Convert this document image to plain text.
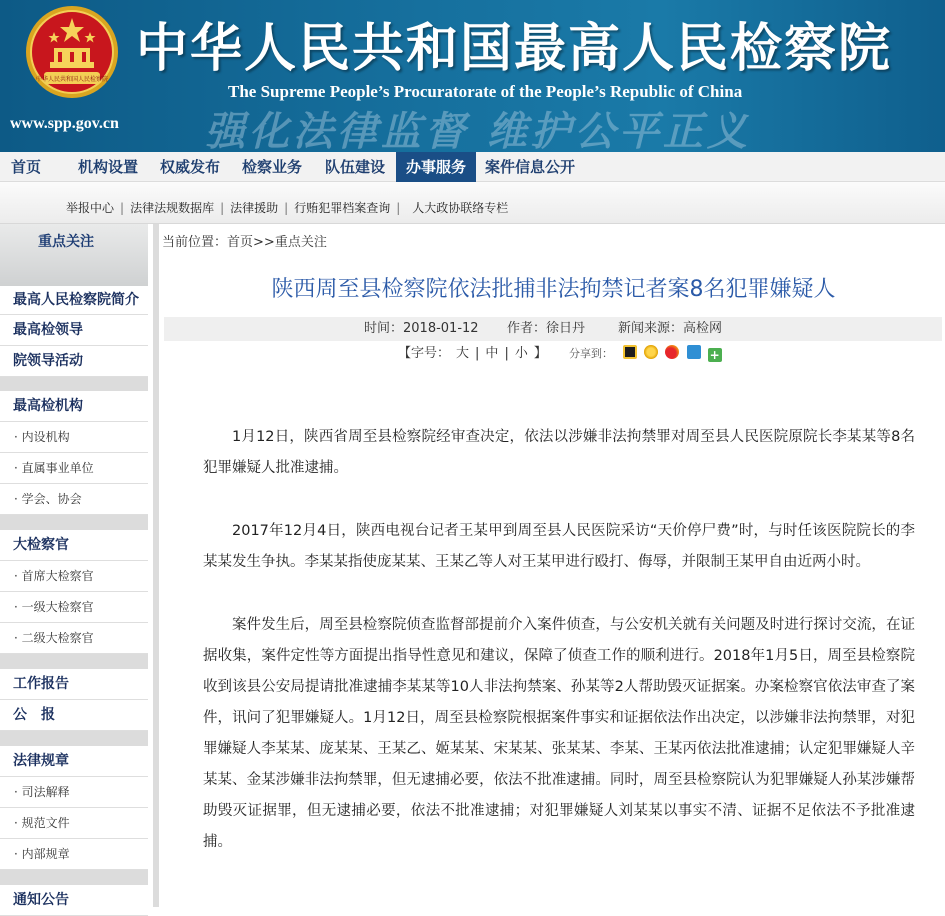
中华人民共和国人民检察院
强化法律监督 维护公平正义
中华人民共和国最高人民检察院
The Supreme People’s Procuratorate of the People’s Republic of China
www.spp.gov.cn
首页	机构设置	权威发布	检察业务	队伍建设	办事服务	案件信息公开
举报中心 | 法律法规数据库 | 法律援助 | 行贿犯罪档案查询 | 人大政协联络专栏
重点关注
最高人民检察院简介
最高检领导
院领导活动
最高检机构
· 内设机构
· 直属事业单位
· 学会、协会
大检察官
· 首席大检察官
· 一级大检察官
· 二级大检察官
工作报告
公　报
法律规章
· 司法解释
· 规范文件
· 内部规章
通知公告
当前位置：首页>>重点关注
陕西周至县检察院依法批捕非法拘禁记者案8名犯罪嫌疑人
时间：2018-01-12 作者：徐日丹	新闻来源：高检网
【字号： 大 | 中 | 小 】 分享到：	+

1月12日，陕西省周至县检察院经审查决定，依法以涉嫌非法拘禁罪对周至县人民医院原院长李某某等8名犯罪嫌疑人批准逮捕。

2017年12月4日，陕西电视台记者王某甲到周至县人民医院采访“天价停尸费”时，与时任该医院院长的李某某发生争执。李某某指使庞某某、王某乙等人对王某甲进行殴打、侮辱，并限制王某甲自由近两小时。

案件发生后，周至县检察院侦查监督部提前介入案件侦查，与公安机关就有关问题及时进行探讨交流，在证据收集，案件定性等方面提出指导性意见和建议，保障了侦查工作的顺利进行。2018年1月5日，周至县检察院收到该县公安局提请批准逮捕李某某等10人非法拘禁案、孙某等2人帮助毁灭证据案。办案检察官依法审查了案件，讯问了犯罪嫌疑人。1月12日，周至县检察院根据案件事实和证据依法作出决定，以涉嫌非法拘禁罪，对犯罪嫌疑人李某某、庞某某、王某乙、姬某某、宋某某、张某某、李某、王某丙依法批准逮捕；认定犯罪嫌疑人辛某某、金某涉嫌非法拘禁罪，但无逮捕必要，依法不批准逮捕。同时，周至县检察院认为犯罪嫌疑人孙某涉嫌帮助毁灭证据罪，但无逮捕必要，依法不批准逮捕；对犯罪嫌疑人刘某某以事实不清、证据不足依法不予批准逮捕。
